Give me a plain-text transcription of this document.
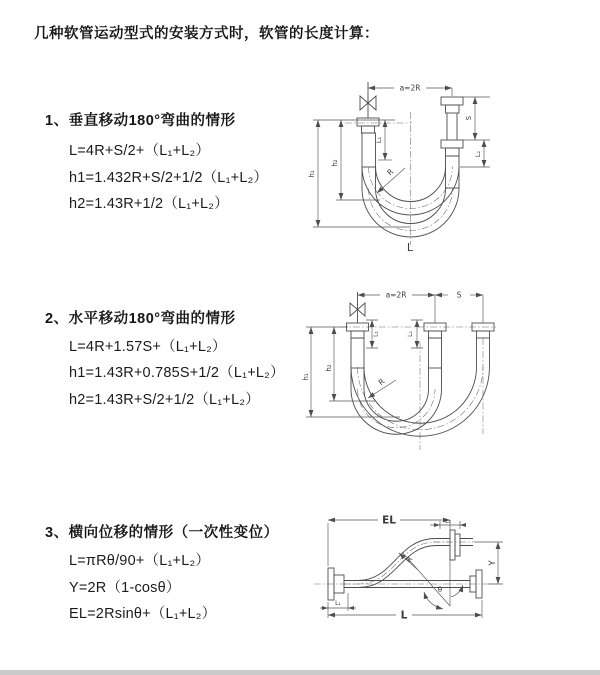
几种软管运动型式的安装方式时，软管的长度计算：
1、垂直移动180°弯曲的情形
L=4R+S/2+（L₁+L₂）
h1=1.432R+S/2+1/2（L₁+L₂）
h2=1.43R+1/2（L₁+L₂）
2、水平移动180°弯曲的情形
L=4R+1.57S+（L₁+L₂）
h1=1.43R+0.785S+1/2（L₁+L₂）
h2=1.43R+S/2+1/2（L₁+L₂）
3、横向位移的情形（一次性变位）
L=πRθ/90+（L₁+L₂）
Y=2R（1-cosθ）
EL=2Rsinθ+（L₁+L₂）
a=2R
h₁
h₂
L₁
S
L₂
R
L
a=2R	S
h₁
h₂
L₁	L₂
R
EL	L₂
Y
R
θ
L
L₁
